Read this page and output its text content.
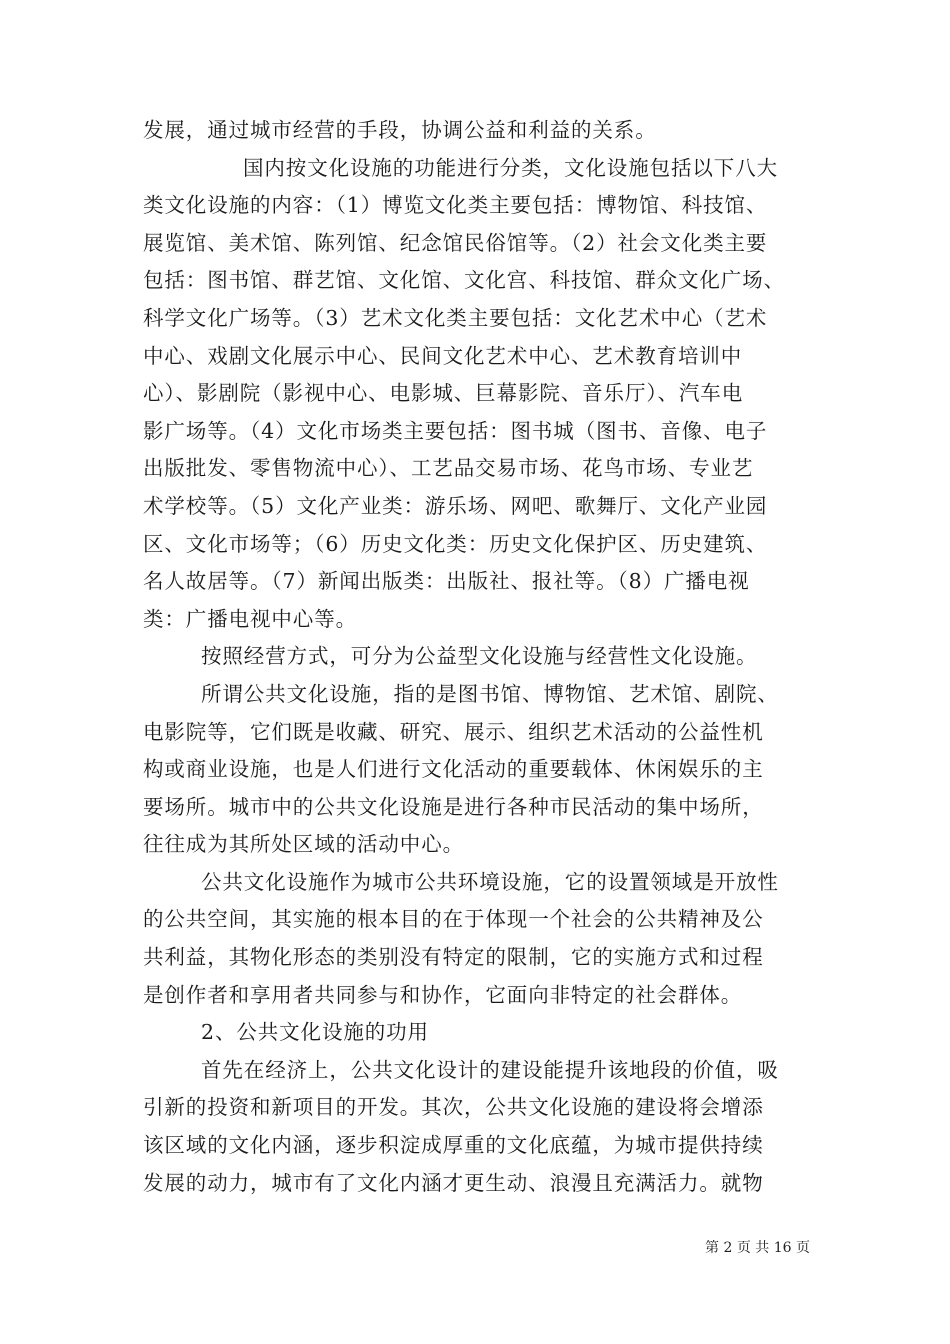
发展，通过城市经营的手段，协调公益和利益的关系。
国内按文化设施的功能进行分类，文化设施包括以下八大
类文化设施的内容：（1）博览文化类主要包括：博物馆、科技馆、
展览馆、美术馆、陈列馆、纪念馆民俗馆等。（2）社会文化类主要
包括：图书馆、群艺馆、文化馆、文化宫、科技馆、群众文化广场、
科学文化广场等。（3）艺术文化类主要包括：文化艺术中心（艺术
中心、戏剧文化展示中心、民间文化艺术中心、艺术教育培训中
心）、影剧院（影视中心、电影城、巨幕影院、音乐厅）、汽车电
影广场等。（4）文化市场类主要包括：图书城（图书、音像、电子
出版批发、零售物流中心）、工艺品交易市场、花鸟市场、专业艺
术学校等。（5）文化产业类：游乐场、网吧、歌舞厅、文化产业园
区、文化市场等；（6）历史文化类：历史文化保护区、历史建筑、
名人故居等。（7）新闻出版类：出版社、报社等。（8）广播电视
类：广播电视中心等。
按照经营方式，可分为公益型文化设施与经营性文化设施。
所谓公共文化设施，指的是图书馆、博物馆、艺术馆、剧院、
电影院等，它们既是收藏、研究、展示、组织艺术活动的公益性机
构或商业设施，也是人们进行文化活动的重要载体、休闲娱乐的主
要场所。城市中的公共文化设施是进行各种市民活动的集中场所，
往往成为其所处区域的活动中心。
公共文化设施作为城市公共环境设施，它的设置领域是开放性
的公共空间，其实施的根本目的在于体现一个社会的公共精神及公
共利益，其物化形态的类别没有特定的限制，它的实施方式和过程
是创作者和享用者共同参与和协作，它面向非特定的社会群体。
2、公共文化设施的功用
首先在经济上，公共文化设计的建设能提升该地段的价值，吸
引新的投资和新项目的开发。其次，公共文化设施的建设将会增添
该区域的文化内涵，逐步积淀成厚重的文化底蕴，为城市提供持续
发展的动力，城市有了文化内涵才更生动、浪漫且充满活力。就物
第 2 页 共 16 页
